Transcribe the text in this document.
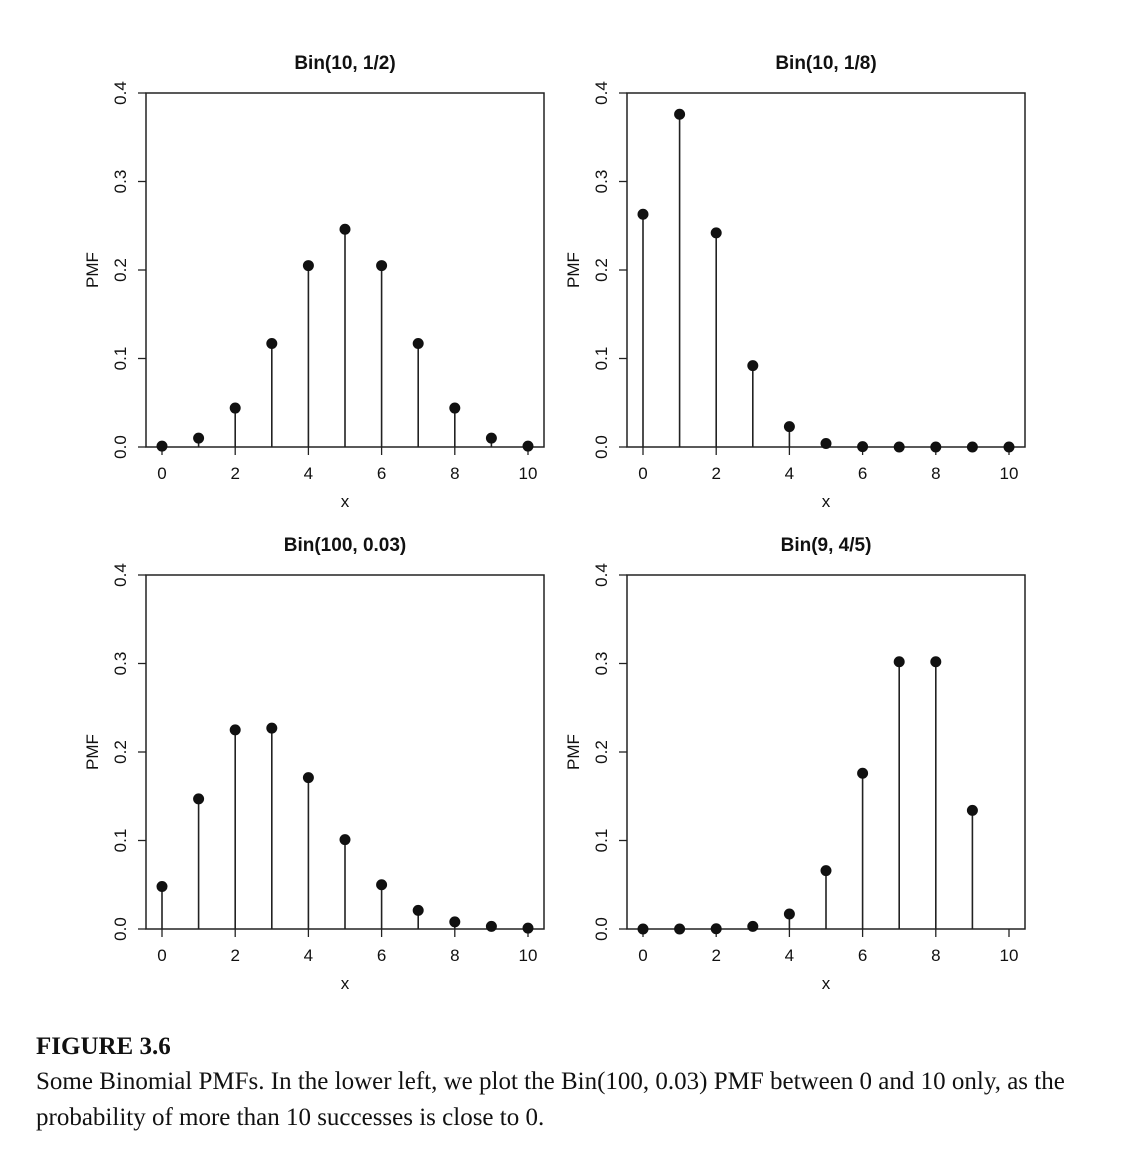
Bin(10, 1/2)
0	2	4	6	8	10
x
0.0
0.1
0.2
0.3
0.4
PMF
Bin(10, 1/8)
0	2	4	6	8	10
x
0.0
0.1
0.2
0.3
0.4
PMF
Bin(100, 0.03)
0	2	4	6	8	10
x
0.0
0.1
0.2
0.3
0.4
PMF
Bin(9, 4/5)
0	2	4	6	8	10
x
0.0
0.1
0.2
0.3
0.4
PMF

FIGURE 3.6

Some Binomial PMFs. In the lower left, we plot the Bin(100, 0.03) PMF between 0 and 10 only, as the probability of more than 10 successes is close to 0.
